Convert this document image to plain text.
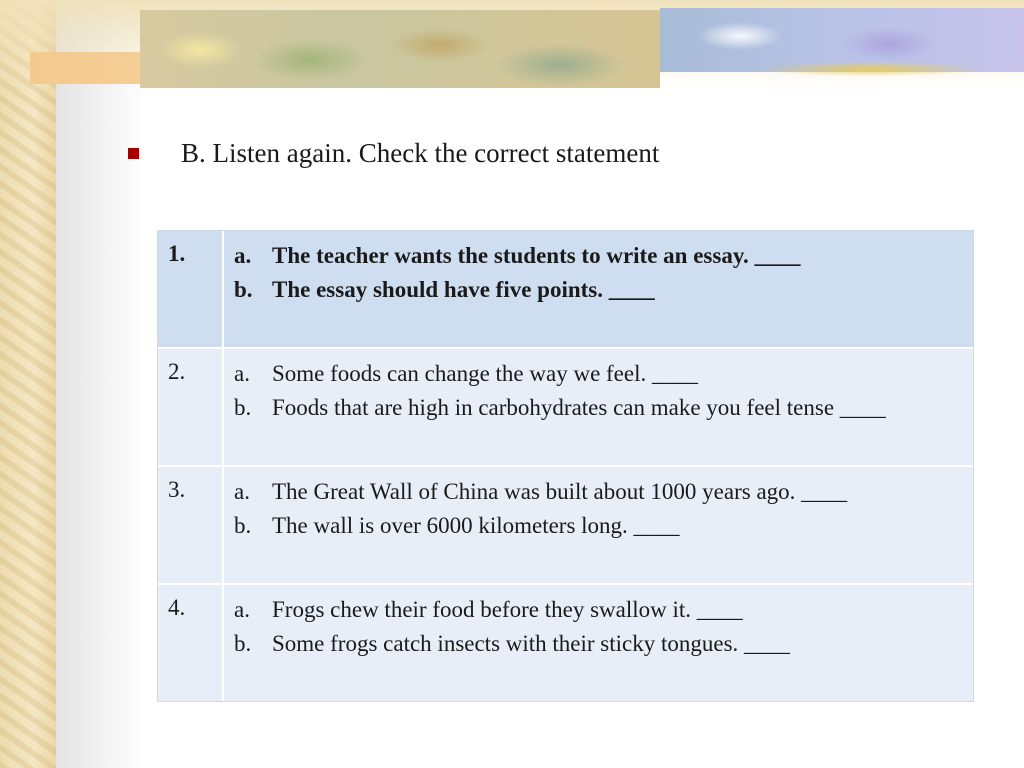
B. Listen again. Check the correct statement
1.	a. The teacher wants the students to write an essay. ____
b. The essay should have five points. ____
2.	a. Some foods can change the way we feel. ____
b. Foods that are high in carbohydrates can make you feel tense ____
3.	a. The Great Wall of China was built about 1000 years ago. ____
b. The wall is over 6000 kilometers long. ____
4.	a. Frogs chew their food before they swallow it. ____
b. Some frogs catch insects with their sticky tongues. ____
